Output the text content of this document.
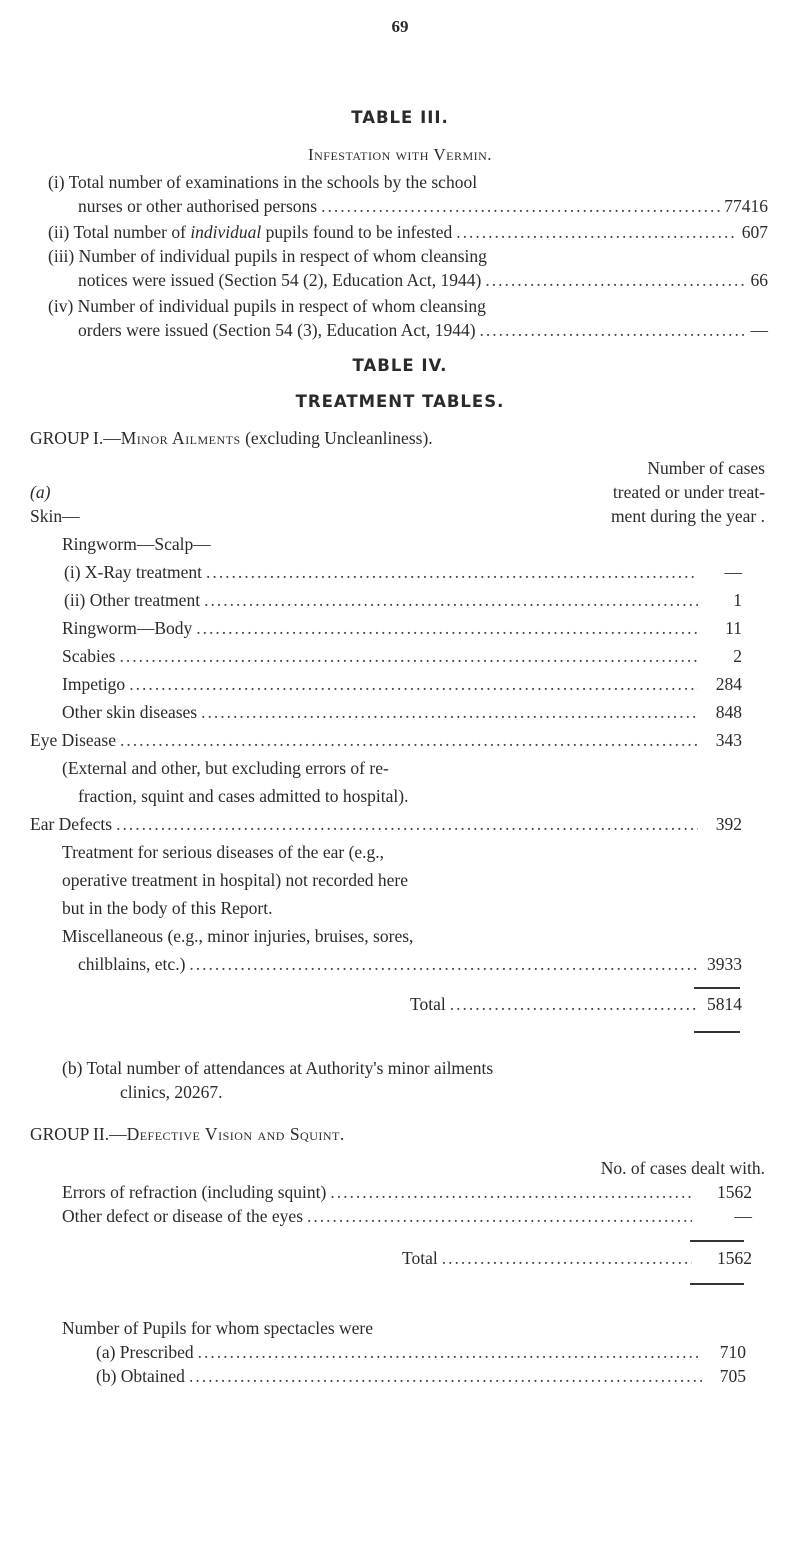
69
TABLE III.
Infestation with Vermin.
(i) Total number of examinations in the schools by the school
nurses or other authorised persons .....	77416
(ii) Total number of individual pupils found to be infested .....	607
(iii) Number of individual pupils in respect of whom cleansing
notices were issued (Section 54 (2), Education Act, 1944) .....	66
(iv) Number of individual pupils in respect of whom cleansing
orders were issued (Section 54 (3), Education Act, 1944) .....	—
TABLE IV.
TREATMENT TABLES.
GROUP I.—Minor Ailments (excluding Uncleanliness).
Number of cases
treated or under treat-
ment during the year .
(a)
Skin—
Ringworm—Scalp—
(i) X-Ray treatment .....	—
(ii) Other treatment .....	1
Ringworm—Body .....	11
Scabies .....	2
Impetigo .....	284
Other skin diseases .....	848
Eye Disease .....	343
(External and other, but excluding errors of re-
fraction, squint and cases admitted to hospital).
Ear Defects .....	392
Treatment for serious diseases of the ear (e.g.,
operative treatment in hospital) not recorded here
but in the body of this Report.
Miscellaneous (e.g., minor injuries, bruises, sores,
chilblains, etc.) .....	3933
Total .....	5814
(b) Total number of attendances at Authority's minor ailments
clinics, 20267.
GROUP II.—Defective Vision and Squint.
No. of cases dealt with.
Errors of refraction (including squint) .....	1562
Other defect or disease of the eyes .....	—
Total .....	1562
Number of Pupils for whom spectacles were
(a) Prescribed .....	710
(b) Obtained .....	705
